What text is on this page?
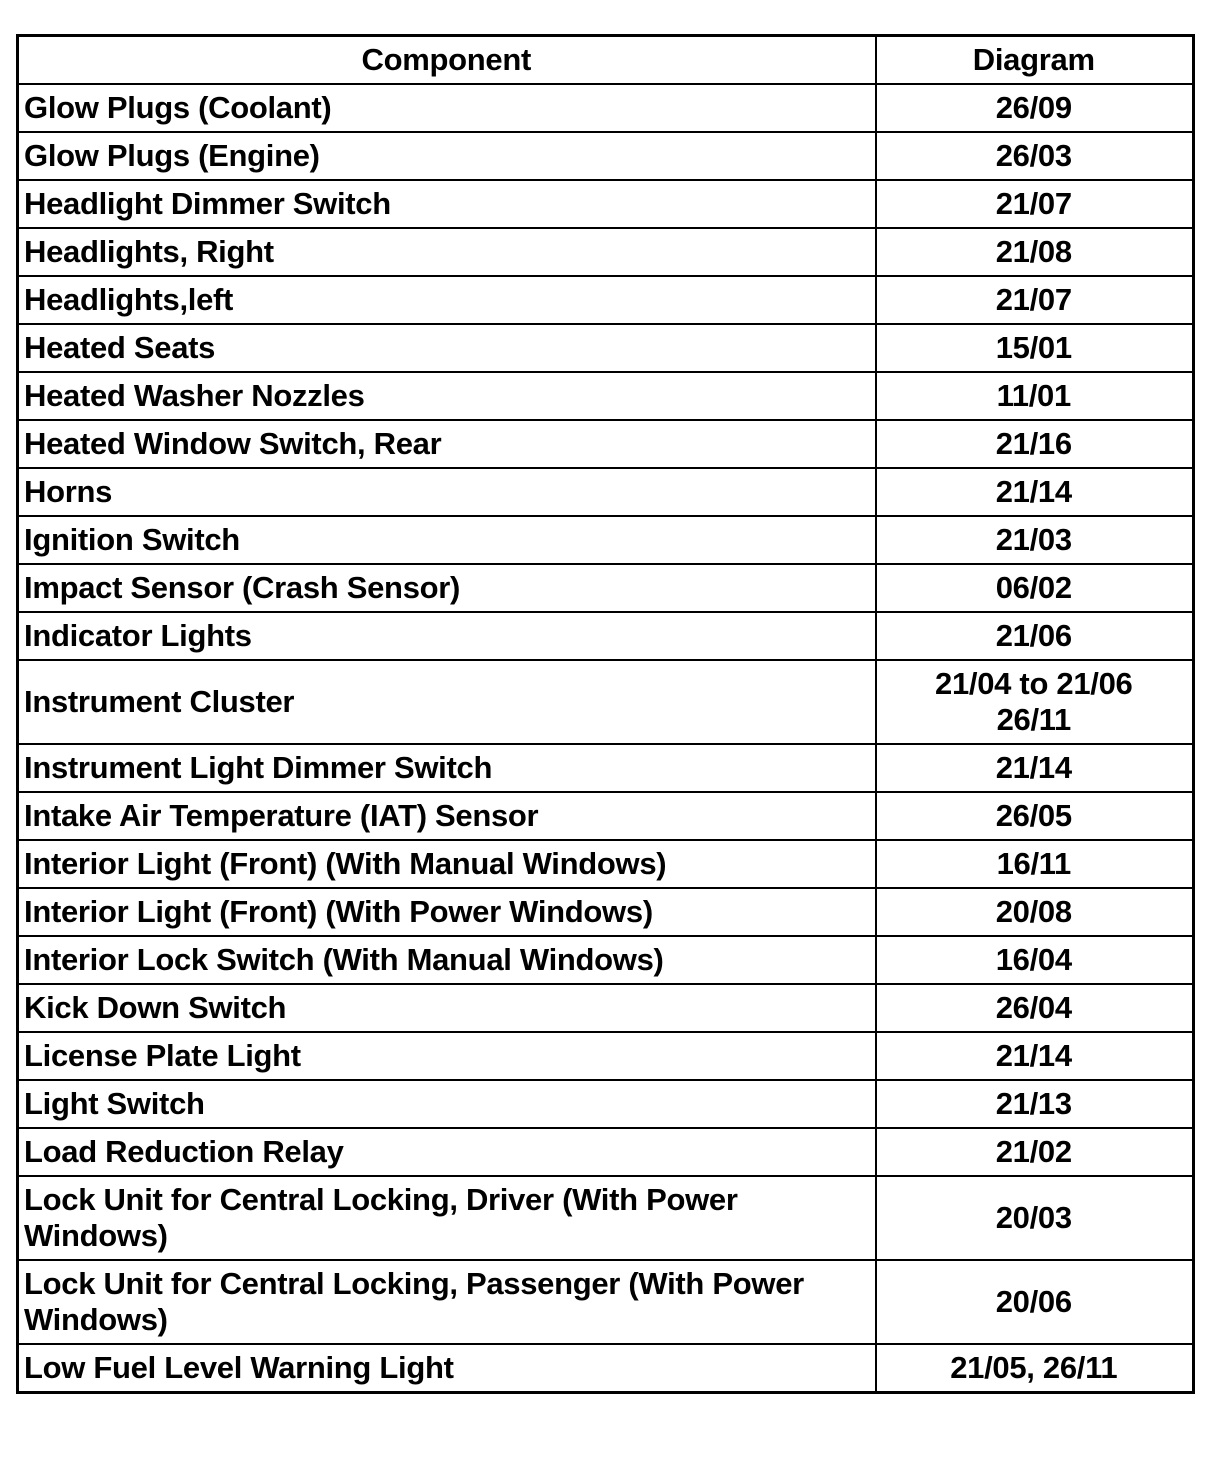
Component	Diagram
Glow Plugs (Coolant)	26/09

Glow Plugs (Engine)	26/03

Headlight Dimmer Switch	21/07

Headlights, Right	21/08

Headlights,left	21/07

Heated Seats	15/01

Heated Washer Nozzles	11/01

Heated Window Switch, Rear	21/16

Horns	21/14

Ignition Switch	21/03

Impact Sensor (Crash Sensor)	06/02

Indicator Lights	21/06

Instrument Cluster	21/04 to 21/06
26/11

Instrument Light Dimmer Switch	21/14

Intake Air Temperature (IAT) Sensor	26/05

Interior Light (Front) (With Manual Windows)	16/11

Interior Light (Front) (With Power Windows)	20/08

Interior Lock Switch (With Manual Windows)	16/04

Kick Down Switch	26/04

License Plate Light	21/14

Light Switch	21/13

Load Reduction Relay	21/02

Lock Unit for Central Locking, Driver (With Power Windows)	20/03

Lock Unit for Central Locking, Passenger (With Power Windows)	20/06

Low Fuel Level Warning Light	21/05, 26/11
